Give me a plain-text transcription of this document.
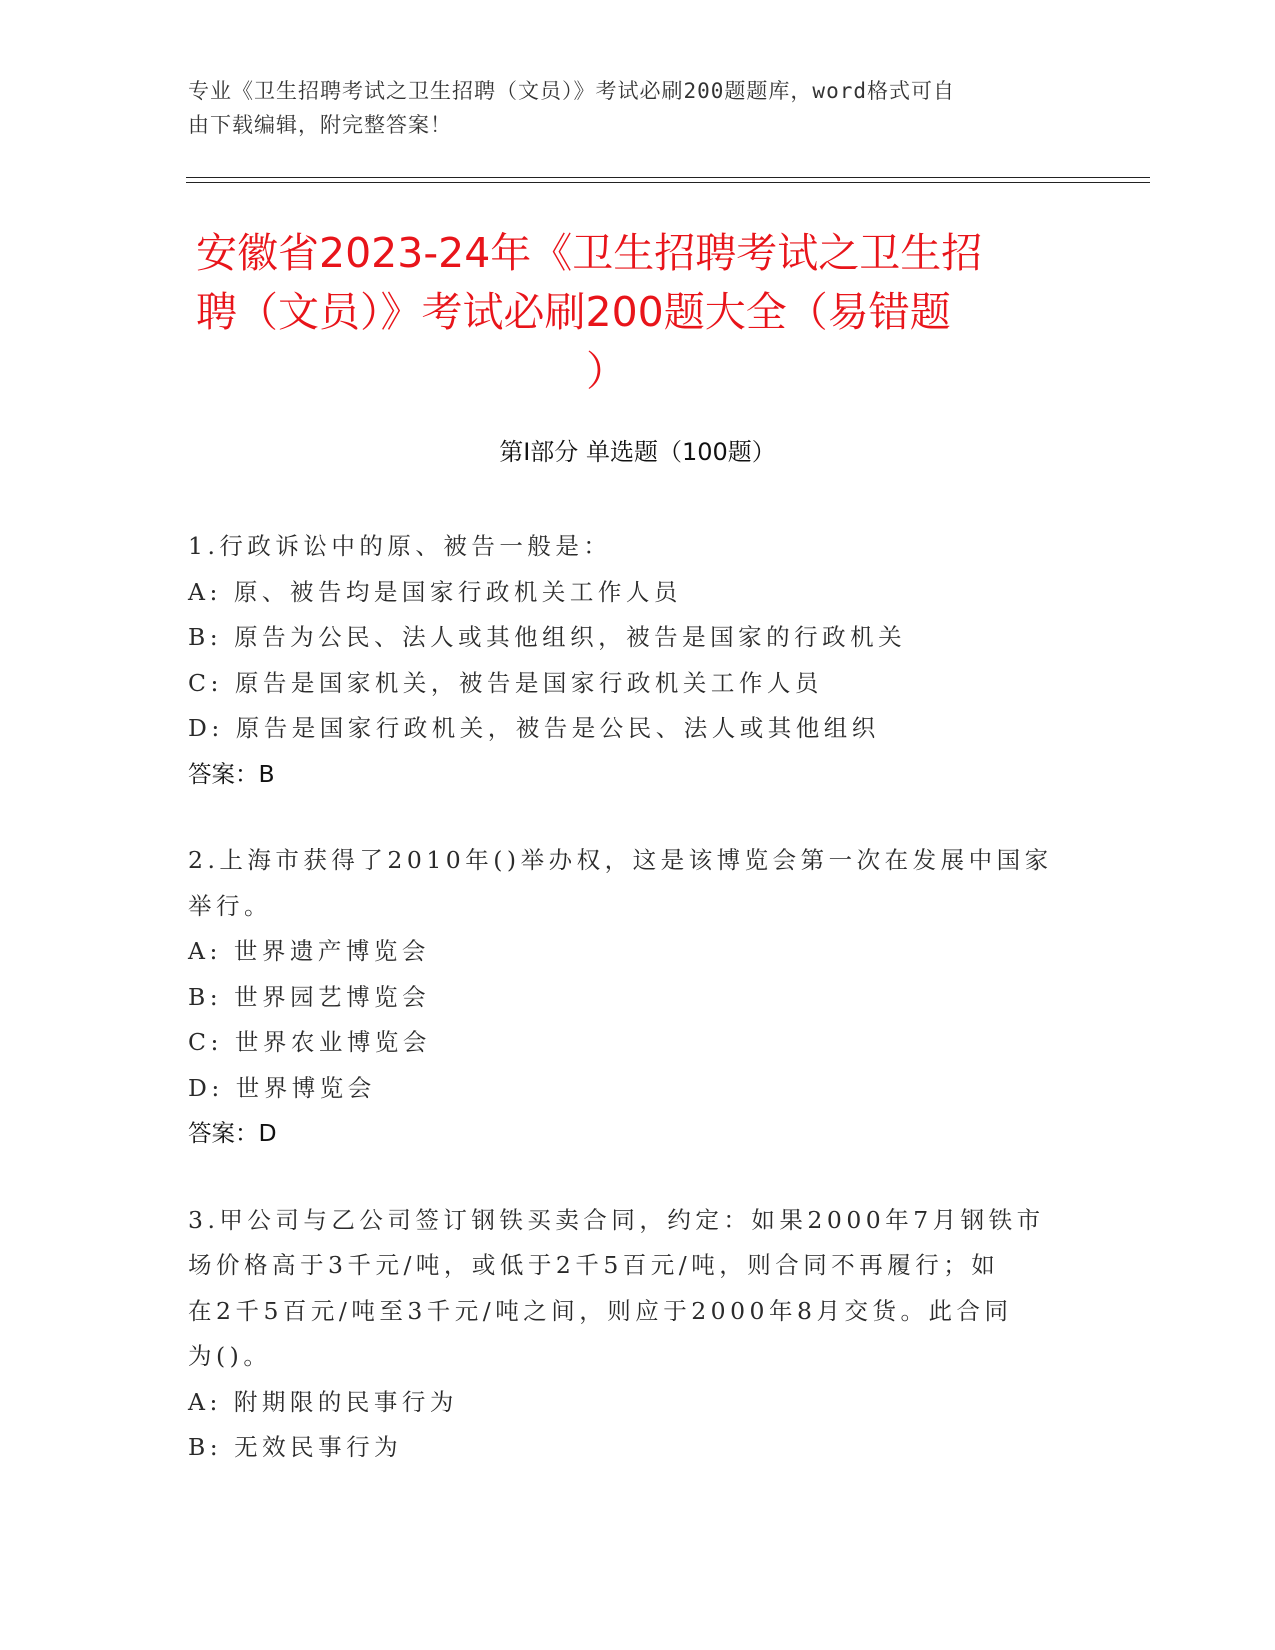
专业《卫生招聘考试之卫生招聘（文员）》考试必刷200题题库，word格式可自
由下载编辑，附完整答案！
安徽省2023-24年《卫生招聘考试之卫生招
聘（文员）》考试必刷200题大全（易错题
）
第Ⅰ部分 单选题（100题）
1.行政诉讼中的原、被告一般是：
A: 原、被告均是国家行政机关工作人员
B: 原告为公民、法人或其他组织，被告是国家的行政机关
C: 原告是国家机关，被告是国家行政机关工作人员
D: 原告是国家行政机关，被告是公民、法人或其他组织
答案：B
2.上海市获得了2010年()举办权，这是该博览会第一次在发展中国家
举行。
A: 世界遗产博览会
B: 世界园艺博览会
C: 世界农业博览会
D: 世界博览会
答案：D
3.甲公司与乙公司签订钢铁买卖合同，约定：如果2000年7月钢铁市
场价格高于3千元/吨，或低于2千5百元/吨，则合同不再履行；如
在2千5百元/吨至3千元/吨之间，则应于2000年8月交货。此合同
为()。
A: 附期限的民事行为
B: 无效民事行为
